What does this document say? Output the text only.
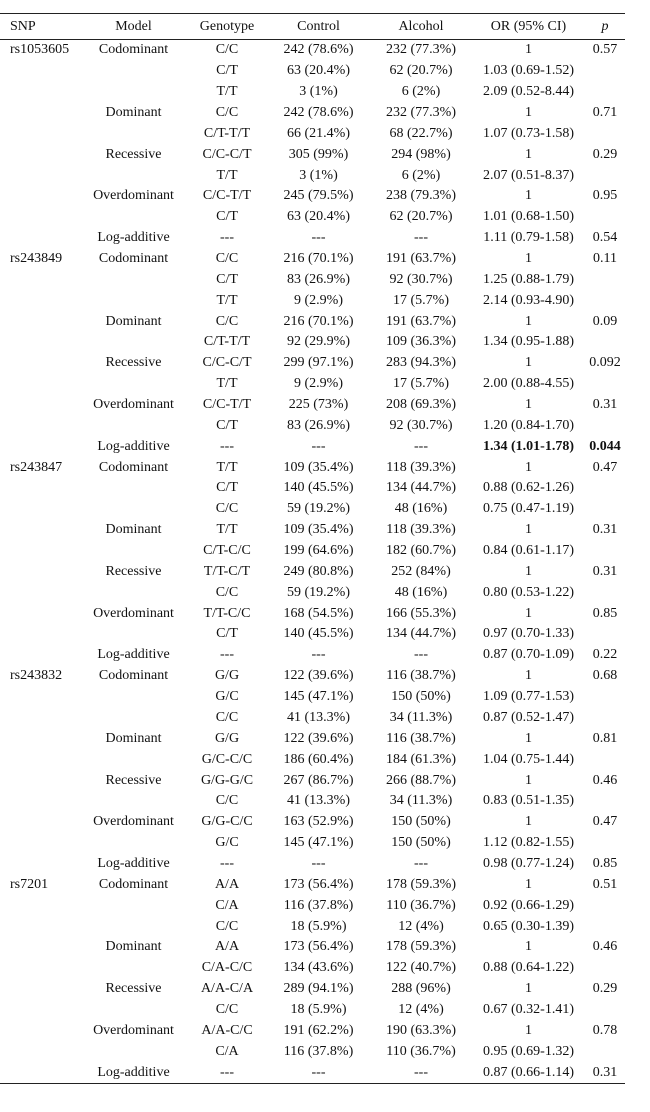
SNP	Model	Genotype	Control	Alcohol	OR (95% CI)	p
rs1053605	Codominant	C/C	242 (78.6%)	232 (77.3%)	1	0.57
		C/T	63 (20.4%)	62 (20.7%)	1.03 (0.69-1.52)	
		T/T	3 (1%)	6 (2%)	2.09 (0.52-8.44)	
	Dominant	C/C	242 (78.6%)	232 (77.3%)	1	0.71
		C/T-T/T	66 (21.4%)	68 (22.7%)	1.07 (0.73-1.58)	
	Recessive	C/C-C/T	305 (99%)	294 (98%)	1	0.29
		T/T	3 (1%)	6 (2%)	2.07 (0.51-8.37)	
	Overdominant	C/C-T/T	245 (79.5%)	238 (79.3%)	1	0.95
		C/T	63 (20.4%)	62 (20.7%)	1.01 (0.68-1.50)	
	Log-additive	---	---	---	1.11 (0.79-1.58)	0.54
rs243849	Codominant	C/C	216 (70.1%)	191 (63.7%)	1	0.11
		C/T	83 (26.9%)	92 (30.7%)	1.25 (0.88-1.79)	
		T/T	9 (2.9%)	17 (5.7%)	2.14 (0.93-4.90)	
	Dominant	C/C	216 (70.1%)	191 (63.7%)	1	0.09
		C/T-T/T	92 (29.9%)	109 (36.3%)	1.34 (0.95-1.88)	
	Recessive	C/C-C/T	299 (97.1%)	283 (94.3%)	1	0.092
		T/T	9 (2.9%)	17 (5.7%)	2.00 (0.88-4.55)	
	Overdominant	C/C-T/T	225 (73%)	208 (69.3%)	1	0.31
		C/T	83 (26.9%)	92 (30.7%)	1.20 (0.84-1.70)	
	Log-additive	---	---	---	1.34 (1.01-1.78)	0.044
rs243847	Codominant	T/T	109 (35.4%)	118 (39.3%)	1	0.47
		C/T	140 (45.5%)	134 (44.7%)	0.88 (0.62-1.26)	
		C/C	59 (19.2%)	48 (16%)	0.75 (0.47-1.19)	
	Dominant	T/T	109 (35.4%)	118 (39.3%)	1	0.31
		C/T-C/C	199 (64.6%)	182 (60.7%)	0.84 (0.61-1.17)	
	Recessive	T/T-C/T	249 (80.8%)	252 (84%)	1	0.31
		C/C	59 (19.2%)	48 (16%)	0.80 (0.53-1.22)	
	Overdominant	T/T-C/C	168 (54.5%)	166 (55.3%)	1	0.85
		C/T	140 (45.5%)	134 (44.7%)	0.97 (0.70-1.33)	
	Log-additive	---	---	---	0.87 (0.70-1.09)	0.22
rs243832	Codominant	G/G	122 (39.6%)	116 (38.7%)	1	0.68
		G/C	145 (47.1%)	150 (50%)	1.09 (0.77-1.53)	
		C/C	41 (13.3%)	34 (11.3%)	0.87 (0.52-1.47)	
	Dominant	G/G	122 (39.6%)	116 (38.7%)	1	0.81
		G/C-C/C	186 (60.4%)	184 (61.3%)	1.04 (0.75-1.44)	
	Recessive	G/G-G/C	267 (86.7%)	266 (88.7%)	1	0.46
		C/C	41 (13.3%)	34 (11.3%)	0.83 (0.51-1.35)	
	Overdominant	G/G-C/C	163 (52.9%)	150 (50%)	1	0.47
		G/C	145 (47.1%)	150 (50%)	1.12 (0.82-1.55)	
	Log-additive	---	---	---	0.98 (0.77-1.24)	0.85
rs7201	Codominant	A/A	173 (56.4%)	178 (59.3%)	1	0.51
		C/A	116 (37.8%)	110 (36.7%)	0.92 (0.66-1.29)	
		C/C	18 (5.9%)	12 (4%)	0.65 (0.30-1.39)	
	Dominant	A/A	173 (56.4%)	178 (59.3%)	1	0.46
		C/A-C/C	134 (43.6%)	122 (40.7%)	0.88 (0.64-1.22)	
	Recessive	A/A-C/A	289 (94.1%)	288 (96%)	1	0.29
		C/C	18 (5.9%)	12 (4%)	0.67 (0.32-1.41)	
	Overdominant	A/A-C/C	191 (62.2%)	190 (63.3%)	1	0.78
		C/A	116 (37.8%)	110 (36.7%)	0.95 (0.69-1.32)	
	Log-additive	---	---	---	0.87 (0.66-1.14)	0.31
